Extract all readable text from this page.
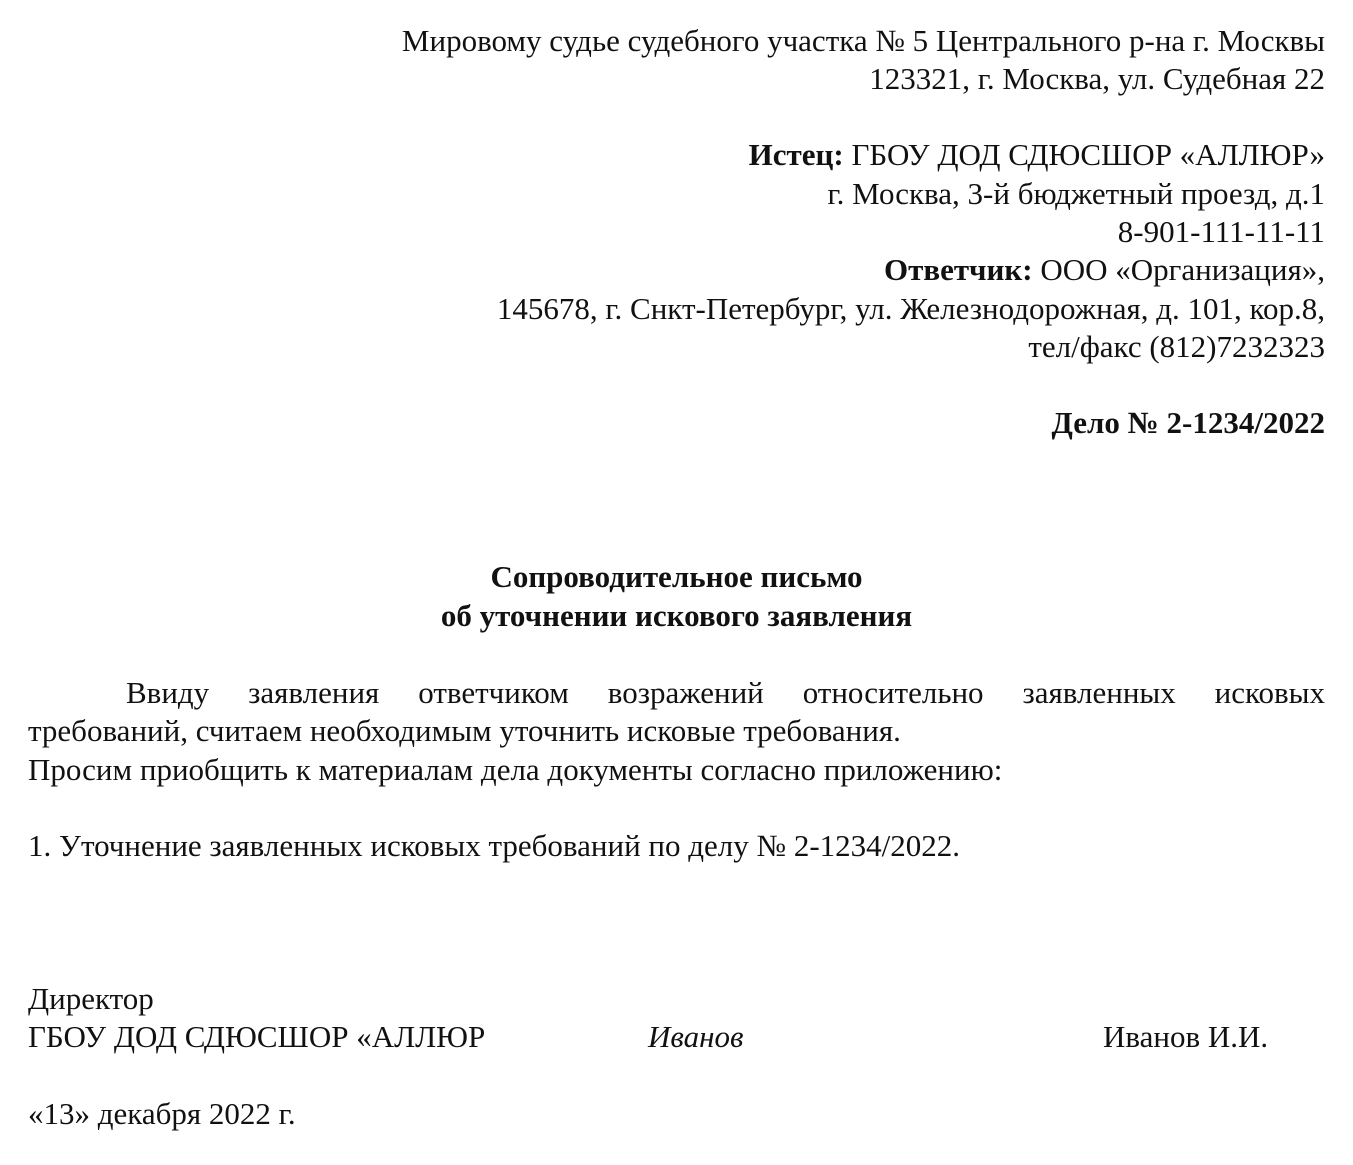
Мировому судье судебного участка № 5 Центрального р-на г. Москвы
123321, г. Москва, ул. Судебная 22
Истец: ГБОУ ДОД СДЮСШОР «АЛЛЮР»
г. Москва, 3-й бюджетный проезд, д.1
8-901-111-11-11
Ответчик: ООО «Организация»,
145678, г. Снкт-Петербург, ул. Железнодорожная, д. 101, кор.8,
тел/факс (812)7232323
Дело № 2-1234/2022
Сопроводительное письмо
об уточнении искового заявления
Ввиду заявления ответчиком возражений относительно заявленных исковых
требований, считаем необходимым уточнить исковые требования.
Просим приобщить к материалам дела документы согласно приложению:
1. Уточнение заявленных исковых требований по делу № 2-1234/2022.
Директор
ГБОУ ДОД СДЮСШОР «АЛЛЮР	Иванов	Иванов И.И.
«13» декабря 2022 г.
